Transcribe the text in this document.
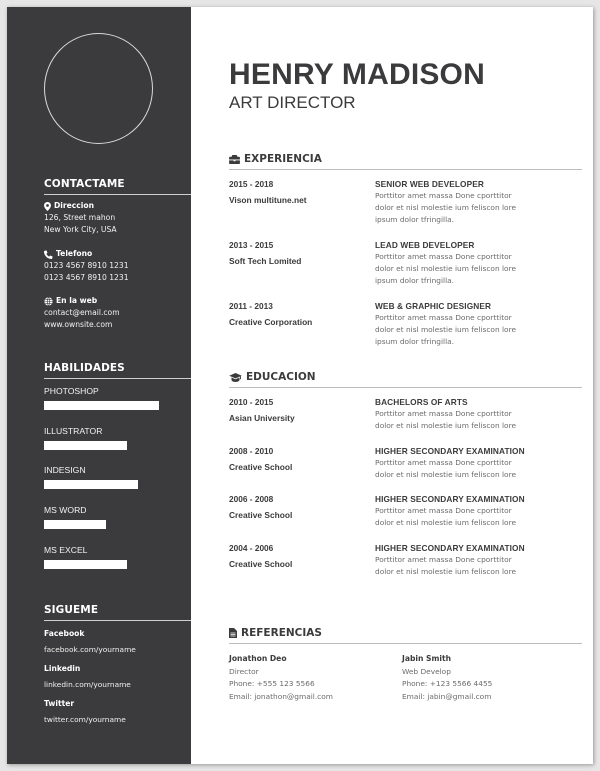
CONTACTAME
Direccion
126, Street mahon
New York City, USA
Telefono
0123 4567 8910 1231
0123 4567 8910 1231
En la web
contact@email.com
www.ownsite.com
HABILIDADES
PHOTOSHOP
ILLUSTRATOR
INDESIGN
MS WORD
MS EXCEL
SIGUEME
Facebook
facebook.com/yourname
Linkedin
linkedin.com/yourname
Twitter
twitter.com/yourname
HENRY MADISON
ART DIRECTOR
EXPERIENCIA
2015 - 2018
Vison multitune.net
SENIOR WEB DEVELOPER
Porttitor amet massa Done cporttitor
dolor et nisl molestie ium feliscon lore
ipsum dolor tfringilla.
2013 - 2015
Soft Tech Lomited
LEAD WEB DEVELOPER
Porttitor amet massa Done cporttitor
dolor et nisl molestie ium feliscon lore
ipsum dolor tfringilla.
2011 - 2013
Creative Corporation
WEB & GRAPHIC DESIGNER
Porttitor amet massa Done cporttitor
dolor et nisl molestie ium feliscon lore
ipsum dolor tfringilla.
EDUCACION
2010 - 2015
Asian University
BACHELORS OF ARTS
Porttitor amet massa Done cporttitor
dolor et nisl molestie ium feliscon lore
2008 - 2010
Creative School
HIGHER SECONDARY EXAMINATION
Porttitor amet massa Done cporttitor
dolor et nisl molestie ium feliscon lore
2006 - 2008
Creative School
HIGHER SECONDARY EXAMINATION
Porttitor amet massa Done cporttitor
dolor et nisl molestie ium feliscon lore
2004 - 2006
Creative School
HIGHER SECONDARY EXAMINATION
Porttitor amet massa Done cporttitor
dolor et nisl molestie ium feliscon lore
REFERENCIAS
Jonathon Deo
Director
Phone: +555 123 5566
Email: jonathon@gmail.com
Jabin Smith
Web Develop
Phone: +123 5566 4455
Email: jabin@gmail.com
